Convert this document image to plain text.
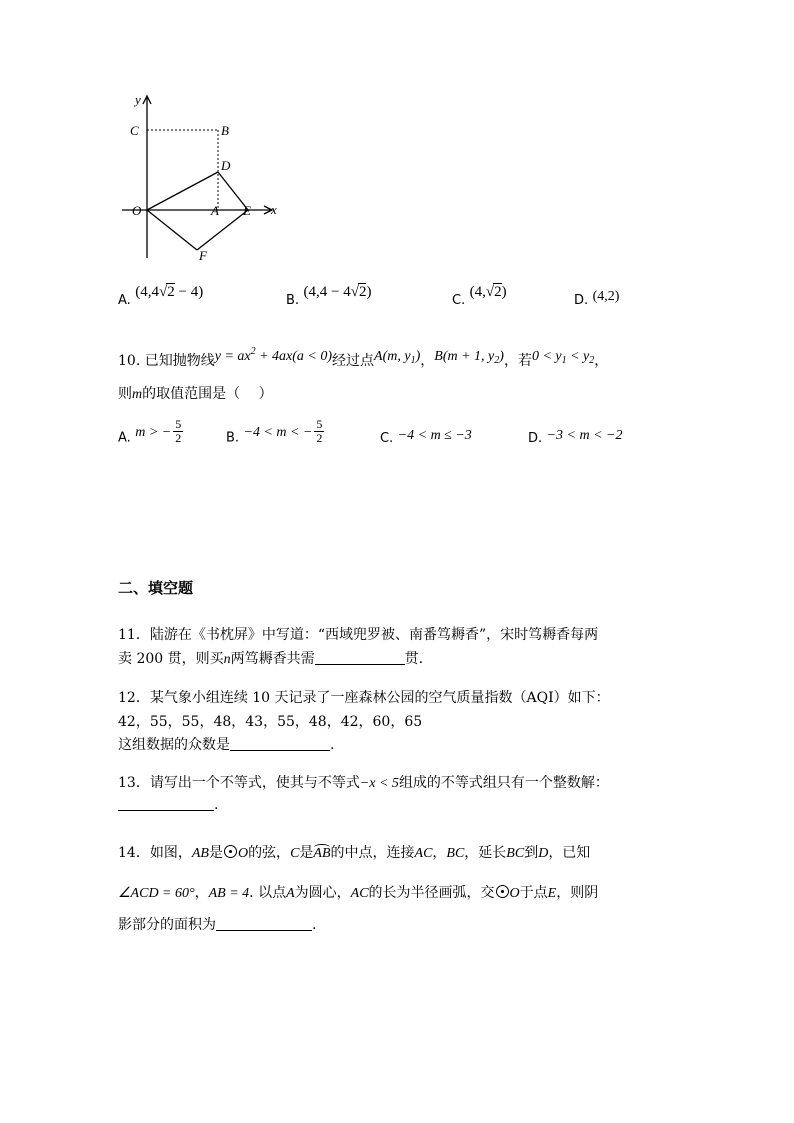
y
x
C	B
D
O	A E
F
A. (4,4√2 − 4)
B. (4,4 − 4√2)
C. (4,√2)
D. (4,2)
10. 已知抛物线$y = ax^2 + 4ax(a < 0)$经过点A(m, $y_1$)，B(m + 1, $y_2$)，若$0 < y_1 < y_2$，
则m的取值范围是（　 ）
A. m > − $\frac{5}{2}$	B. −4 < m < − $\frac{5}{2}$	C. −4 < m ≤ −3	D. −3 < m < −2
二、填空题
11．陆游在《书枕屏》中写道：“西域兜罗被、南番笃耨香”，宋时笃耨香每两
卖 200 贯，则买n两笃耨香共需	贯.
12．某气象小组连续 10 天记录了一座森林公园的空气质量指数（AQI）如下：
42，55，55，48，43，55，48，42，60，65
这组数据的众数是	.
13．请写出一个不等式，使其与不等式−x < 5组成的不等式组只有一个整数解：
.
14．如图，AB是 O的弦，C是AB的中点，连接AC，BC，延长BC到D，已知
∠ACD = 60°，AB = 4. 以点A为圆心，AC的长为半径画弧，交 O于点E，则阴
影部分的面积为	.
